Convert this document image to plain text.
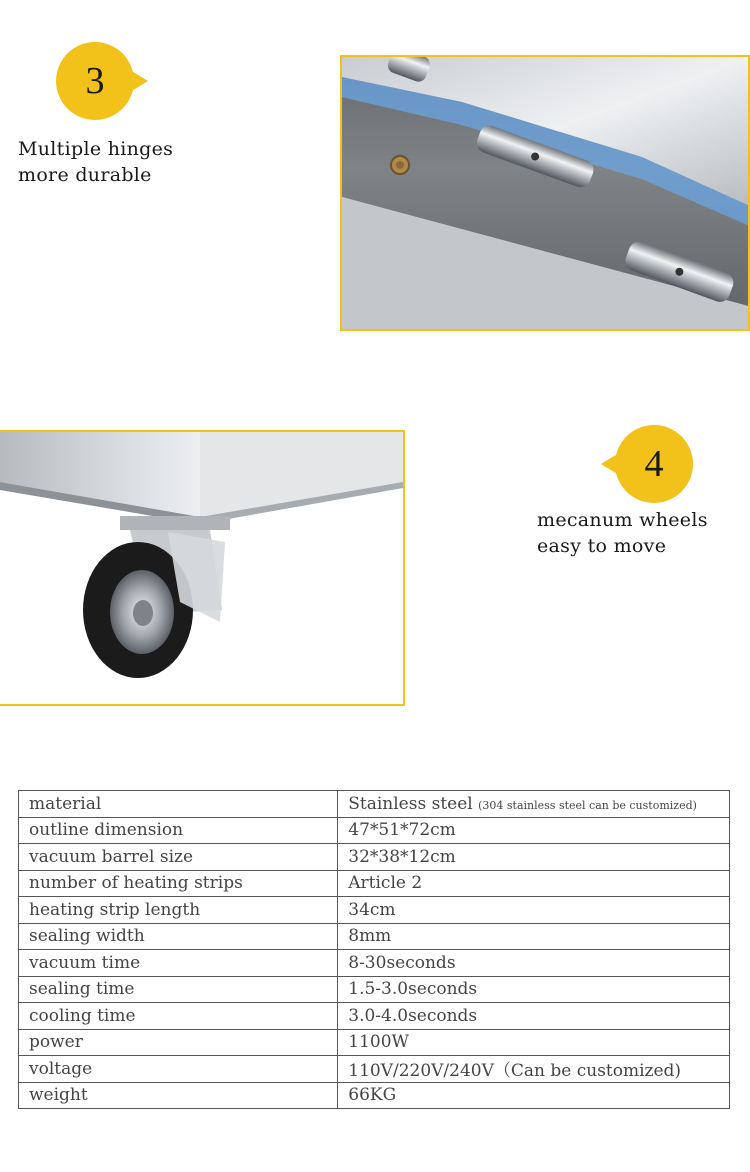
3
Multiple hinges
more durable
4
mecanum wheels
easy to move
material	Stainless steel (304 stainless steel can be customized)
outline dimension	47*51*72cm
vacuum barrel size	32*38*12cm
number of heating strips	Article 2
heating strip length	34cm
sealing width	8mm
vacuum time	8-30seconds
sealing time	1.5-3.0seconds
cooling time	3.0-4.0seconds
power	1100W
voltage	110V/220V/240V（Can be customized)
weight	66KG
